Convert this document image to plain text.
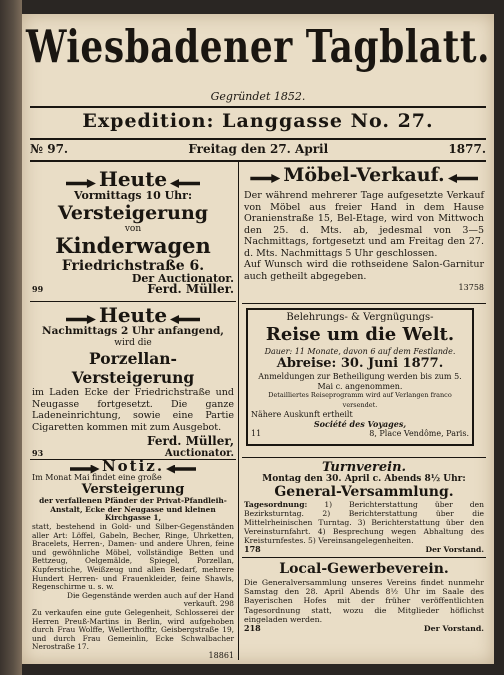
Wiesbadener Tagblatt.
Gegründet 1852.
Expedition: Langgasse No. 27.
№ 97.	Freitag den 27. April	1877.
Heute
Vormittags 10 Uhr:
Versteigerung
von
Kinderwagen
Friedrichstraße 6.
Der Auctionator.
99	Ferd. Müller.
Heute
Nachmittags 2 Uhr anfangend,
wird die
Porzellan-Versteigerung
im Laden Ecke der Friedrichstraße und Neugasse fortgesetzt. Die ganze Ladeneinrichtung, sowie eine Partie Cigaretten kommen mit zum Ausgebot.
Ferd. Müller,
93	Auctionator.
Notiz.
Im Monat Mai findet eine große
Versteigerung
der verfallenen Pfänder der Privat-Pfandleih-Anstalt, Ecke der Neugasse und kleinen Kirchgasse 1,
statt, bestehend in Gold- und Silber-Gegenständen aller Art: Löffel, Gabeln, Becher, Ringe, Uhrketten, Bracelets, Herren-, Damen- und andere Uhren, feine und gewöhnliche Möbel, vollständige Betten und Bettzeug, Oelgemälde, Spiegel, Porzellan, Kupferstiche, Weißzeug und allen Bedarf, mehrere Hundert Herren- und Frauenkleider, feine Shawls, Regenschirme u. s. w.
Die Gegenstände werden auch auf der Hand verkauft. 298
Zu verkaufen eine gute Gelegenheit, Schlosserei der Herren Preuß-Martins in Berlin, wird aufgehoben durch Frau Wolffe, Wellerthofftr, Geisbergstraße 19, und durch Frau Gemeinlin, Ecke Schwalbacher Nerostraße 17.
18861
Möbel-Verkauf.
Der während mehrerer Tage aufgesetzte Verkauf von Möbel aus freier Hand in dem Hause Oranienstraße 15, Bel-Etage, wird von Mittwoch den 25. d. Mts. ab, jedesmal von 3—5 Nachmittags, fortgesetzt und am Freitag den 27. d. Mts. Nachmittags 5 Uhr geschlossen.
Auf Wunsch wird die rothseidene Salon-Garnitur auch getheilt abgegeben.
13758
Belehrungs- & Vergnügungs-
Reise um die Welt.
Dauer: 11 Monate, davon 6 auf dem Festlande.
Abreise: 30. Juni 1877.
Anmeldungen zur Betheiligung werden bis zum 5. Mai c. angenommen.
Detailliertes Reiseprogramm wird auf Verlangen franco versendet.
Nähere Auskunft ertheilt
Société des Voyages,
11	8, Place Vendôme, Paris.
Turnverein.
Montag den 30. April c. Abends 8½ Uhr:
General-Versammlung.
Tagesordnung: 1) Berichterstattung über den Bezirksturntag. 2) Berichterstattung über die Mittelrheinischen Turntag. 3) Berichterstattung über den Vereinsturnfahrt. 4) Besprechung wegen Abhaltung des Kreisturnfestes. 5) Vereinsangelegenheiten.
178	Der Vorstand.
Local-Gewerbeverein.
Die Generalversammlung unseres Vereins findet nunmehr Samstag den 28. April Abends 8½ Uhr im Saale des Bayerischen Hofes mit der früher veröffentlichten Tagesordnung statt, wozu die Mitglieder höflichst eingeladen werden.
218	Der Vorstand.
